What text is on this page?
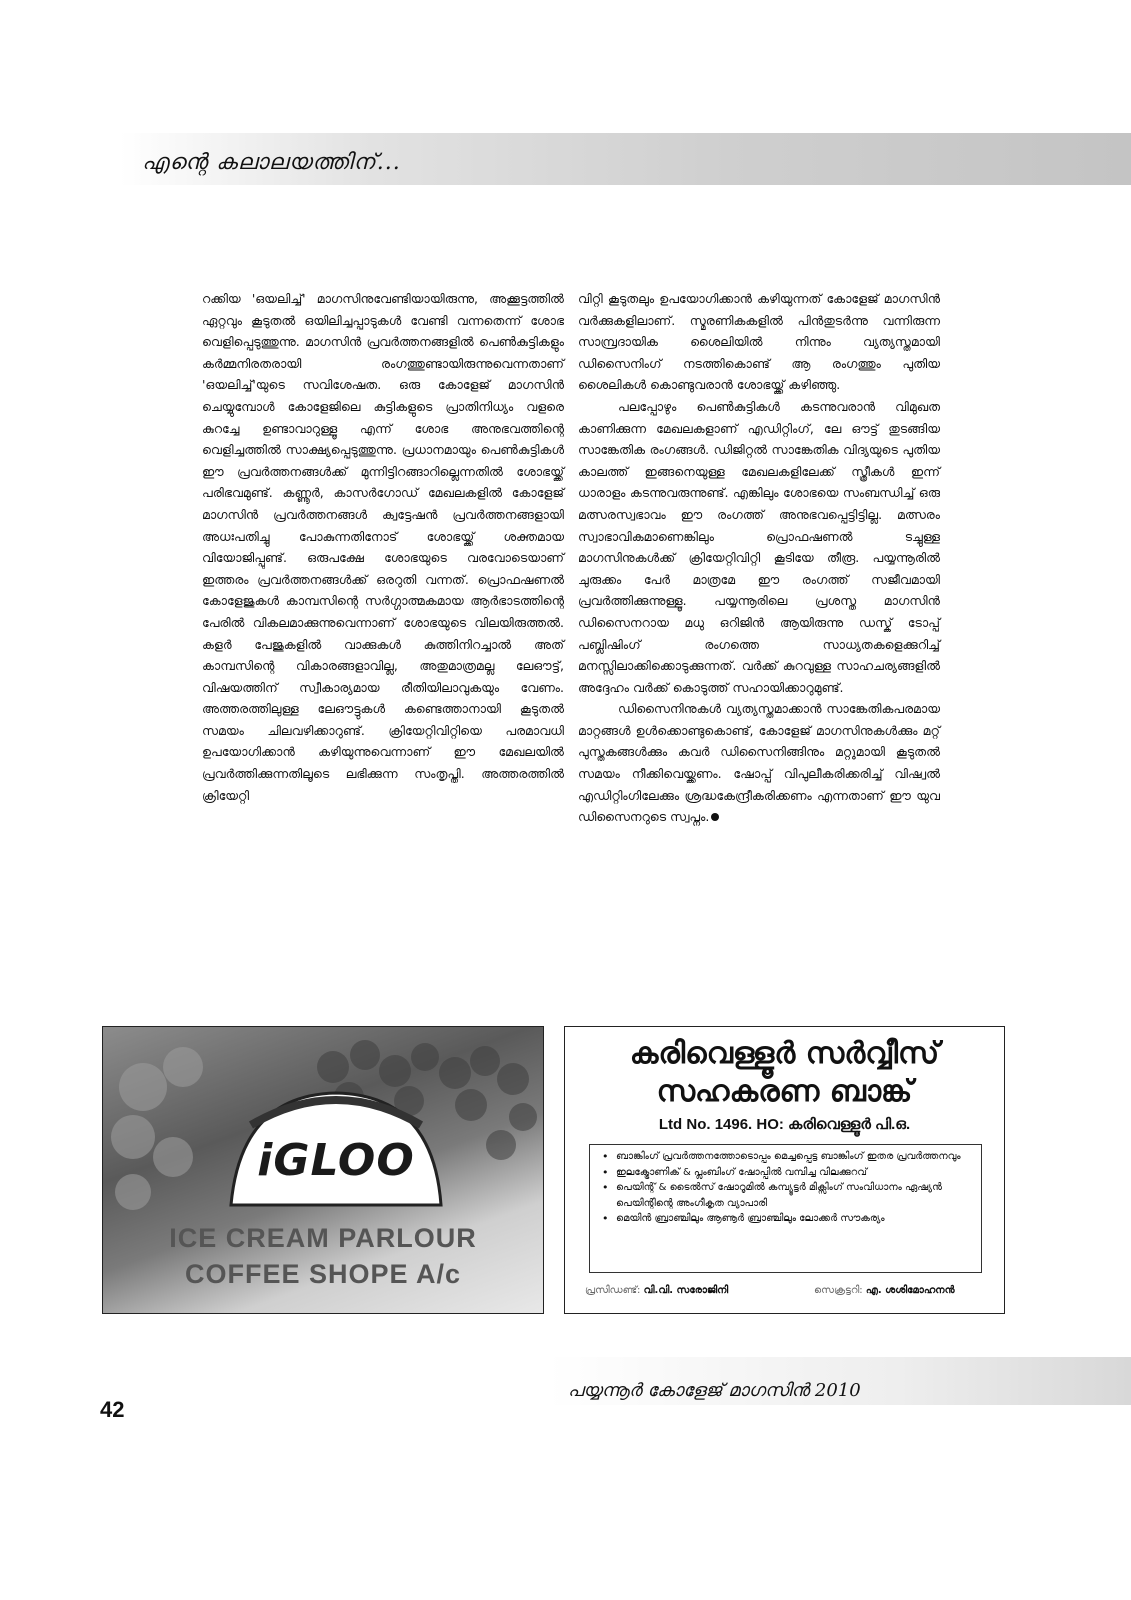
എന്റെ കലാലയത്തിന്...

റക്കിയ 'ഒയലിച്ച്' മാഗസിനുവേണ്ടിയായിരുന്നു, അക്കൂട്ടത്തിൽ ഏറ്റവും കൂടുതൽ ഒയിലിച്ചപ്പാടുകൾ വേണ്ടി വന്നതെന്ന് ശോഭ വെളിപ്പെടുത്തുന്നു. മാഗസിൻ പ്രവർത്തനങ്ങളിൽ പെൺകുട്ടികളും കർമ്മനിരതരായി രംഗത്തുണ്ടായിരുന്നുവെന്നതാണ് 'ഒയലിച്ച്'യുടെ സവിശേഷത. ഒരു കോളേജ് മാഗസിൻ ചെയ്യുമ്പോൾ കോളേജിലെ കുട്ടികളുടെ പ്രാതിനിധ്യം വളരെ കുറച്ചേ ഉണ്ടാവാറുള്ളൂ എന്ന് ശോഭ അനുഭവത്തിന്റെ വെളിച്ചത്തിൽ സാക്ഷ്യപ്പെടുത്തുന്നു. പ്രധാനമായും പെൺകുട്ടികൾ ഈ പ്രവർത്തനങ്ങൾക്ക് മുന്നിട്ടിറങ്ങാറില്ലെന്നതിൽ ശോഭയ്ക്ക് പരിഭവമുണ്ട്. കണ്ണൂർ, കാസർഗോഡ് മേഖലകളിൽ കോളേജ് മാഗസിൻ പ്രവർത്തനങ്ങൾ ക്വട്ടേഷൻ പ്രവർത്തനങ്ങളായി അധഃപതിച്ചു പോകുന്നതിനോട് ശോഭയ്ക്ക് ശക്തമായ വിയോജിപ്പുണ്ട്. ഒരുപക്ഷേ ശോഭയുടെ വരവോടെയാണ് ഇത്തരം പ്രവർത്തനങ്ങൾക്ക് ഒരറുതി വന്നത്. പ്രൊഫഷണൽ കോളേജുകൾ കാമ്പസിന്റെ സർഗ്ഗാത്മകമായ ആർഭാടത്തിന്റെ പേരിൽ വികലമാക്കുന്നുവെന്നാണ് ശോഭയുടെ വിലയിരുത്തൽ. കളർ പേജുകളിൽ വാക്കുകൾ കുത്തിനിറച്ചാൽ അത് കാമ്പസിന്റെ വികാരങ്ങളാവില്ല, അതുമാത്രമല്ല ലേഔട്ട്, വിഷയത്തിന് സ്വീകാര്യമായ രീതിയിലാവുകയും വേണം. അത്തരത്തിലുള്ള ലേഔട്ടുകൾ കണ്ടെത്താനായി കൂടുതൽ സമയം ചിലവഴിക്കാറുണ്ട്. ക്രിയേറ്റിവിറ്റിയെ പരമാവധി ഉപയോഗിക്കാൻ കഴിയുന്നുവെന്നാണ് ഈ മേഖലയിൽ പ്രവർത്തിക്കുന്നതിലൂടെ ലഭിക്കുന്ന സംതൃപ്തി. അത്തരത്തിൽ ക്രിയേറ്റി

വിറ്റി കൂടുതലും ഉപയോഗിക്കാൻ കഴിയുന്നത് കോളേജ് മാഗസിൻ വർക്കുകളിലാണ്. സ്മരണികകളിൽ പിൻതുടർന്നു വന്നിരുന്ന സാമ്പ്രദായിക ശൈലിയിൽ നിന്നും വ്യത്യസ്തമായി ഡിസൈനിംഗ് നടത്തികൊണ്ട് ആ രംഗത്തും പുതിയ ശൈലികൾ കൊണ്ടുവരാൻ ശോഭയ്ക്ക് കഴിഞ്ഞു.

പലപ്പോഴും പെൺകുട്ടികൾ കടന്നുവരാൻ വിമുഖത കാണിക്കുന്ന മേഖലകളാണ് എഡിറ്റിംഗ്, ലേ ഔട്ട് തുടങ്ങിയ സാങ്കേതിക രംഗങ്ങൾ. ഡിജിറ്റൽ സാങ്കേതിക വിദ്യയുടെ പുതിയ കാലത്ത് ഇങ്ങനെയുള്ള മേഖലകളിലേക്ക് സ്ത്രീകൾ ഇന്ന് ധാരാളം കടന്നുവരുന്നുണ്ട്. എങ്കിലും ശോഭയെ സംബന്ധിച്ച് ഒരു മത്സരസ്വഭാവം ഈ രംഗത്ത് അനുഭവപ്പെട്ടിട്ടില്ല. മത്സരം സ്വാഭാവികമാണെങ്കിലും പ്രൊഫഷണൽ ടച്ചുള്ള മാഗസിനുകൾക്ക് ക്രിയേറ്റിവിറ്റി കൂടിയേ തീരൂ. പയ്യന്നൂരിൽ ചുരുക്കം പേർ മാത്രമേ ഈ രംഗത്ത് സജീവമായി പ്രവർത്തിക്കുന്നുള്ളൂ. പയ്യന്നൂരിലെ പ്രശസ്ത മാഗസിൻ ഡിസൈനറായ മധു ഒറിജിൻ ആയിരുന്നു ഡസ്ക് ടോപ്പ് പബ്ലിഷിംഗ് രംഗത്തെ സാധ്യതകളെക്കുറിച്ച് മനസ്സിലാക്കിക്കൊടുക്കുന്നത്. വർക്ക് കുറവുള്ള സാഹചര്യങ്ങളിൽ അദ്ദേഹം വർക്ക് കൊടുത്ത് സഹായിക്കാറുമുണ്ട്.

ഡിസൈനിനുകൾ വ്യത്യസ്തമാക്കാൻ സാങ്കേതികപരമായ മാറ്റങ്ങൾ ഉൾക്കൊണ്ടുകൊണ്ട്, കോളേജ് മാഗസിനുകൾക്കും മറ്റ് പുസ്തകങ്ങൾക്കും കവർ ഡിസൈനിങ്ങിനും മറ്റുമായി കൂടുതൽ സമയം നീക്കിവെയ്ക്കണം. ഷോപ്പ് വിപുലീകരിക്കരിച്ച് വിഷ്വൽ എഡിറ്റിംഗിലേക്കും ശ്രദ്ധകേന്ദ്രീകരിക്കണം എന്നതാണ് ഈ യുവ ഡിസൈനറുടെ സ്വപ്നം.

iGLOO
ICE CREAM PARLOUR
COFFEE SHOPE A/c
കരിവെള്ളൂർ സർവ്വീസ്
സഹകരണ ബാങ്ക്
Ltd No. 1496. HO: കരിവെള്ളൂർ പി.ഒ.
• ബാങ്കിംഗ് പ്രവർത്തനത്തോടൊപ്പം മെച്ചപ്പെട്ട ബാങ്കിംഗ് ഇതര പ്രവർത്തനവും
• ഇലക്ട്രോണിക് & പ്ലംബിംഗ് ഷോപ്പിൽ വമ്പിച്ച വിലക്കുറവ്
• പെയിന്റ് & ടൈൽസ് ഷോറൂമിൽ കമ്പ്യൂട്ടർ മിക്സിംഗ് സംവിധാനം ഏഷ്യൻ പെയിന്റിന്റെ അംഗീകൃത വ്യാപാരി
• മെയിൻ ബ്രാഞ്ചിലും ആണൂർ ബ്രാഞ്ചിലും ലോക്കർ സൗകര്യം
പ്രസിഡണ്ട്: വി.വി. സരോജിനി	സെക്രട്ടറി: എ. ശശിമോഹനൻ
പയ്യന്നൂർ കോളേജ് മാഗസിൻ 2010
42
